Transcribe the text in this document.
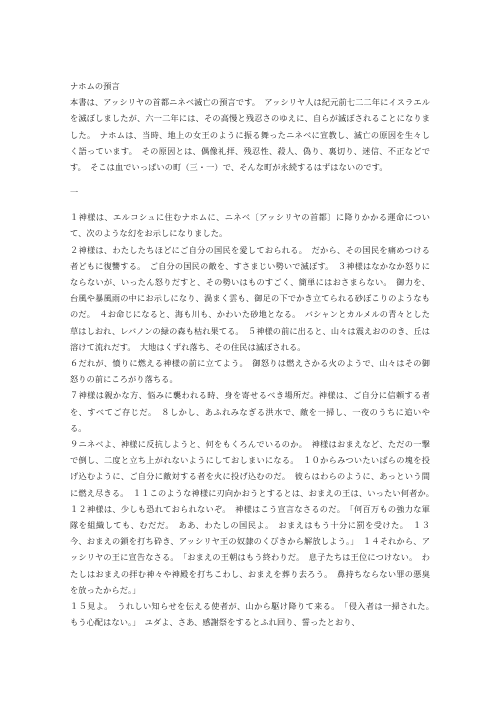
ナホムの預言

本書は、アッシリヤの首都ニネベ滅亡の預言です。　アッシリヤ人は紀元前七二二年にイスラエルを滅ぼしましたが、六一二年には、その高慢と残忍さのゆえに、自らが滅ぼされることになりました。　ナホムは、当時、地上の女王のように振る舞ったニネベに宣教し、滅亡の原因を生々しく語っています。　その原因とは、偶像礼拝、残忍性、殺人、偽り、裏切り、迷信、不正などです。　そこは血でいっぱいの町（三・一）で、そんな町が永続するはずはないのです。

一

１神様は、エルコシュに住むナホムに、ニネベ〔アッシリヤの首都〕に降りかかる運命について、次のような幻をお示しになりました。

２神様は、わたしたちほどにご自分の国民を愛しておられる。　だから、その国民を痛めつける者どもに復讐する。　ご自分の国民の敵を、すさまじい勢いで滅ぼす。　３神様はなかなか怒りにならないが、いったん怒りだすと、その勢いはものすごく、簡単にはおさまらない。　御力を、台風や暴風雨の中にお示しになり、渦まく雲も、御足の下でかき立てられる砂ぼこりのようなものだ。　４お命じになると、海も川も、かわいた砂地となる。　バシャンとカルメルの青々とした草はしおれ、レバノンの緑の森も枯れ果てる。　５神様の前に出ると、山々は震えおののき、丘は溶けて流れだす。　大地はくずれ落ち、その住民は滅ぼされる。

６だれが、憤りに燃える神様の前に立てよう。　御怒りは燃えさかる火のようで、山々はその御怒りの前にころがり落ちる。

７神様は親かな方、悩みに襲われる時、身を寄せるべき場所だ。神様は、ご自分に信頼する者を、すべてご存じだ。　８しかし、あふれみなぎる洪水で、敵を一掃し、一夜のうちに追いやる。

９ニネベよ、神様に反抗しようと、何をもくろんでいるのか。　神様はおまえなど、ただの一撃で倒し、二度と立ち上がれないようにしておしまいになる。　１０からみついたいばらの塊を投げ込むように、ご自分に敵対する者を火に投げ込むのだ。　彼らはわらのように、あっという間に燃え尽きる。　１１このような神様に刃向かおうとするとは、おまえの王は、いったい何者か。　１２神様は、少しも恐れておられないぞ。　神様はこう宣言なさるのだ。　「何百万もの強力な軍隊を組織しても、むだだ。　ああ、わたしの国民よ。　おまえはもう十分に罰を受けた。　１３今、おまえの鎖を打ち砕き、アッシリヤ王の奴隷のくびきから解放しよう。」　１４それから、アッシリヤの王に宣告なさる。　「おまえの王朝はもう終わりだ。　息子たちは王位につけない。　わたしはおまえの拝む神々や神殿を打ちこわし、おまえを葬り去ろう。　鼻持ちならない罪の悪臭を放ったからだ。」

１５見よ。　うれしい知らせを伝える使者が、山から駆け降りて来る。　「侵入者は一掃された。　もう心配はない。」　ユダよ、さあ、感謝祭をするとふれ回り、誓ったとおり、
